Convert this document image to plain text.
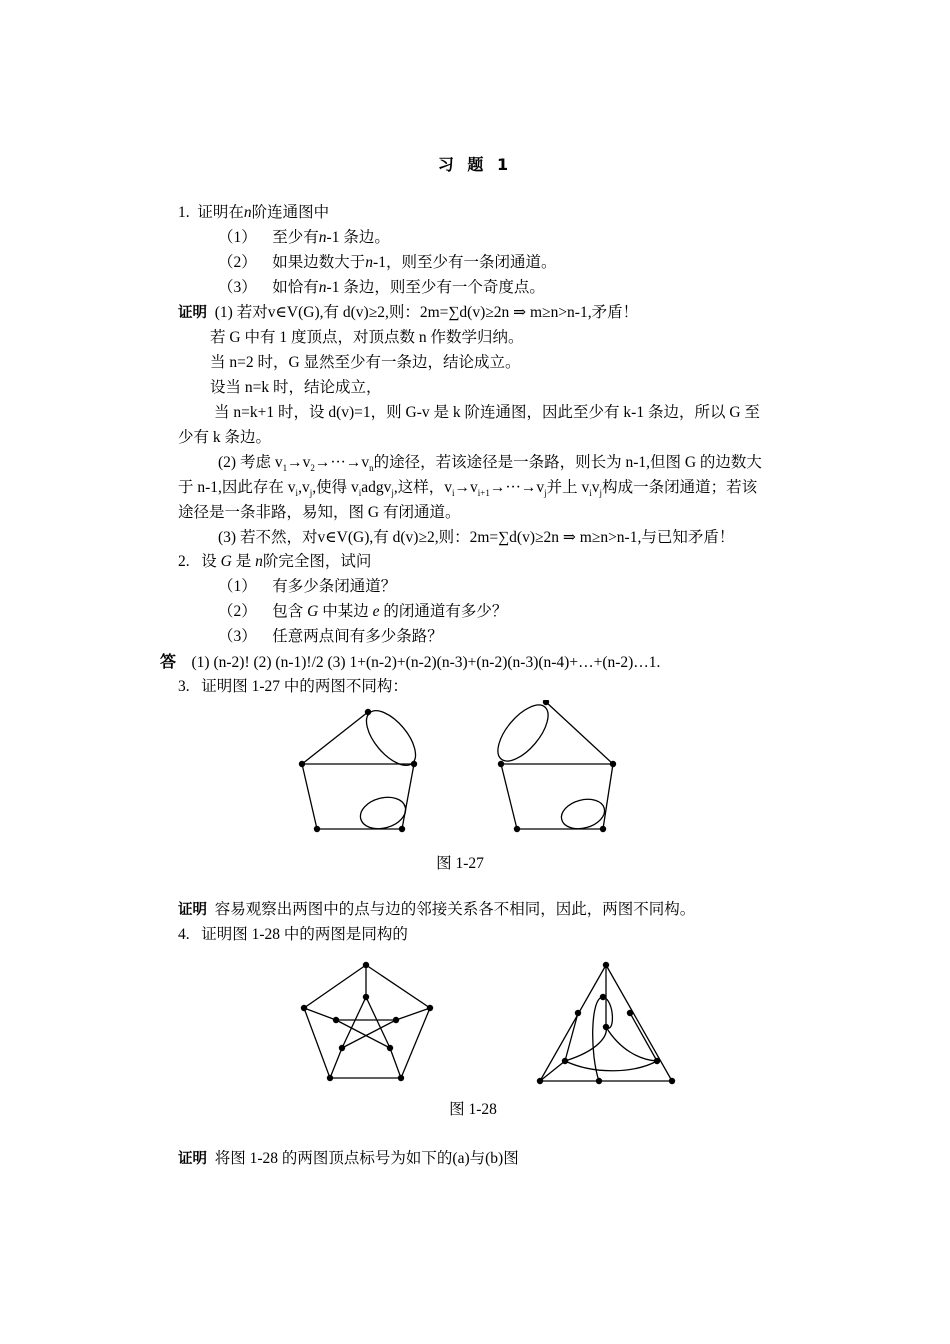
习 题 1
1. 证明在n阶连通图中
（1） 至少有n-1 条边。
（2） 如果边数大于n-1，则至少有一条闭通道。
（3） 如恰有n-1 条边，则至少有一个奇度点。
证明 (1) 若对v∈V(G),有 d(v)≥2,则：2m=∑d(v)≥2n ⇒ m≥n>n-1,矛盾！
若 G 中有 1 度顶点，对顶点数 n 作数学归纳。
当 n=2 时，G 显然至少有一条边，结论成立。
设当 n=k 时，结论成立，
当 n=k+1 时，设 d(v)=1，则 G-v 是 k 阶连通图，因此至少有 k-1 条边，所以 G 至
少有 k 条边。
(2) 考虑 $v_1\to v_2\to\cdot\cdot\cdot\to v_n$的途径，若该途径是一条路，则长为 n-1,但图 G 的边数大
于 n-1,因此存在 $v_i,v_j$,使得 $v_iadgv_j$,这样，$v_i\to v_{i+1}\to\cdot\cdot\cdot\to v_j$并上 $v_iv_j$构成一条闭通道；若该
途径是一条非路，易知，图 G 有闭通道。
(3) 若不然，对v∈V(G),有 d(v)≥2,则：2m=∑d(v)≥2n ⇒ m≥n>n-1,与已知矛盾！
2. 设 G 是 n阶完全图，试问
（1） 有多少条闭通道？
（2） 包含 G 中某边 e 的闭通道有多少？
（3） 任意两点间有多少条路？
答 (1) (n-2)! (2) (n-1)!/2 (3) 1+(n-2)+(n-2)(n-3)+(n-2)(n-3)(n-4)+…+(n-2)…1.
3. 证明图 1-27 中的两图不同构：
图 1-27
证明 容易观察出两图中的点与边的邻接关系各不相同，因此，两图不同构。
4. 证明图 1-28 中的两图是同构的
图 1-28
证明 将图 1-28 的两图顶点标号为如下的(a)与(b)图
